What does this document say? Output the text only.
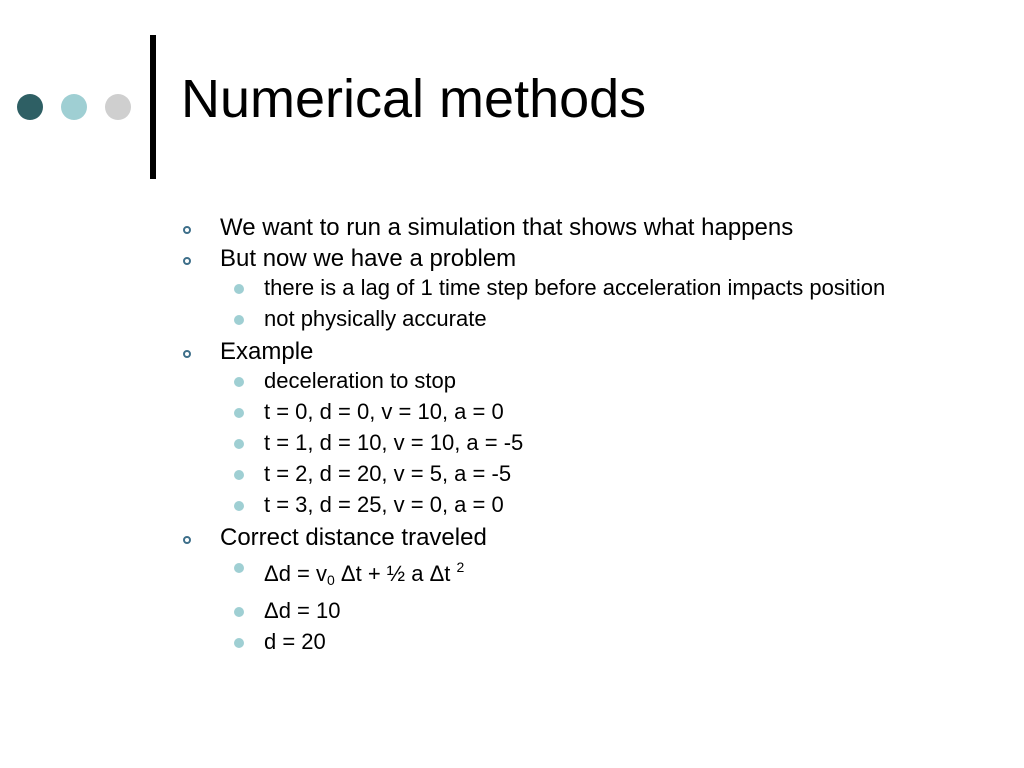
Numerical methods
We want to run a simulation that shows what happens
But now we have a problem
there is a lag of 1 time step before acceleration impacts position
not physically accurate
Example
deceleration to stop
t = 0, d = 0, v = 10, a = 0
t = 1, d = 10, v = 10, a = -5
t = 2, d = 20, v = 5, a = -5
t = 3, d = 25, v = 0, a = 0
Correct distance traveled
$\Delta d = v_0$ Δt + ½ a Δt $^2$
Δd = 10
d = 20
